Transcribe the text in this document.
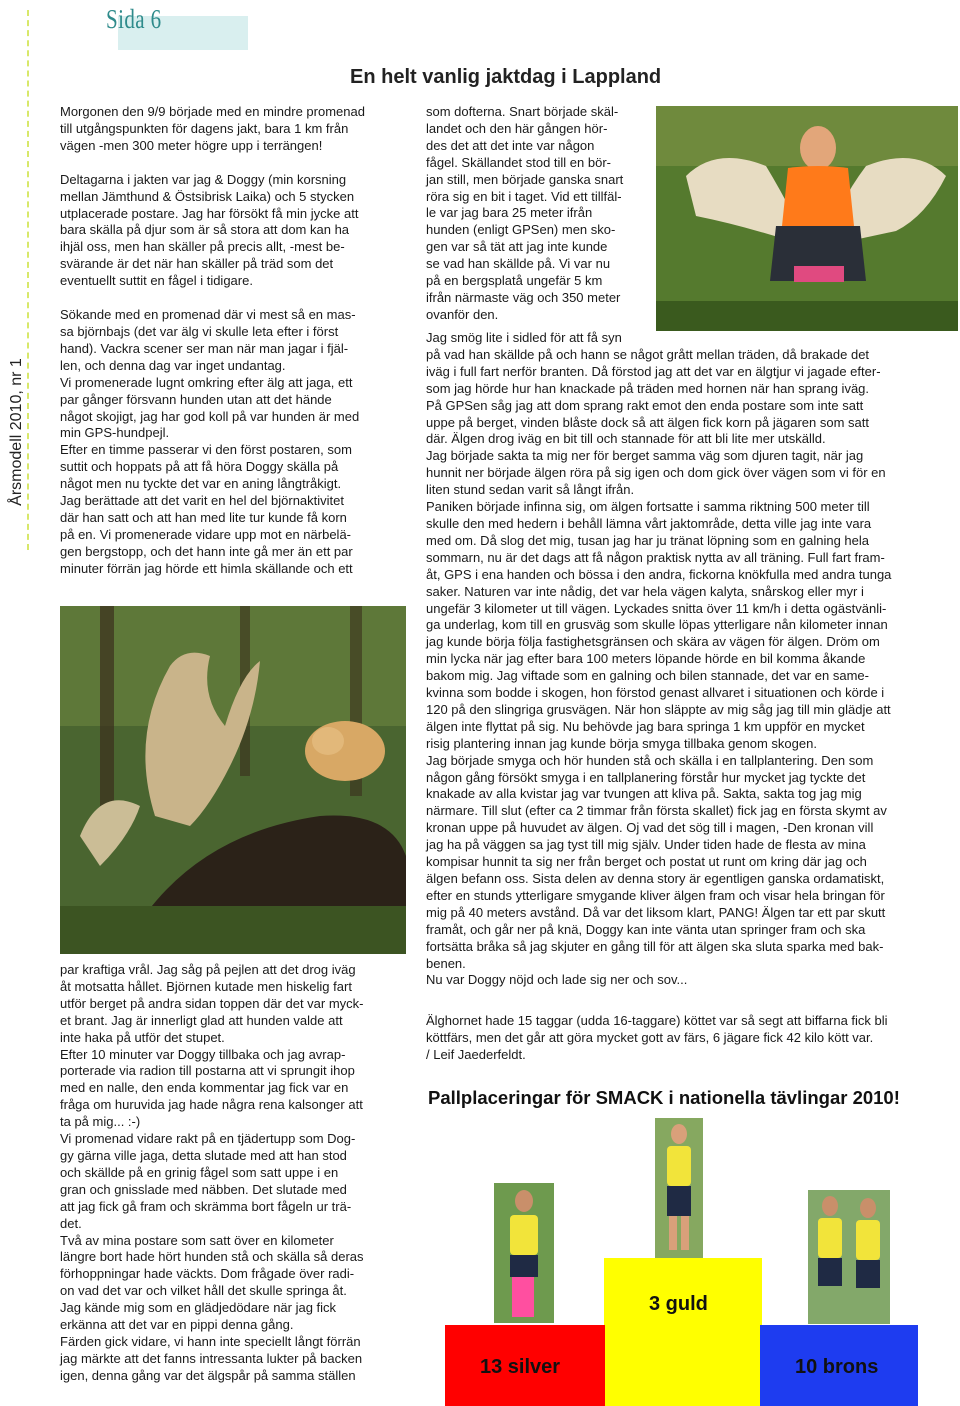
Sida 6
Årsmodell 2010, nr 1
En helt vanlig jaktdag i Lappland

Morgonen den 9/9 började med en mindre promenad
till utgångspunkten för dagens jakt, bara 1 km från
vägen -men 300 meter högre upp i terrängen!

Deltagarna i jakten var jag & Doggy (min korsning
mellan Jämthund & Östsibrisk Laika) och 5 stycken
utplacerade postare. Jag har försökt få min jycke att
bara skälla på djur som är så stora att dom kan ha
ihjäl oss, men han skäller på precis allt, -mest be-
svärande är det när han skäller på träd som det
eventuellt suttit en fågel i tidigare.

Sökande med en promenad där vi mest så en mas-
sa björnbajs (det var älg vi skulle leta efter i först
hand). Vackra scener ser man när man jagar i fjäl-
len, och denna dag var inget undantag.
Vi promenerade lugnt omkring efter älg att jaga, ett
par gånger försvann hunden utan att det hände
något skojigt, jag har god koll på var hunden är med
min GPS-hundpejl.
Efter en timme passerar vi den först postaren, som
suttit och hoppats på att få höra Doggy skälla på
något men nu tyckte det var en aning långtråkigt.
Jag berättade att det varit en hel del björnaktivitet
där han satt och att han med lite tur kunde få korn
på en. Vi promenerade vidare upp mot en närbelä-
gen bergstopp, och det hann inte gå mer än ett par
minuter förrän jag hörde ett himla skällande och ett

par kraftiga vrål. Jag såg på pejlen att det drog iväg
åt motsatta hållet. Björnen kutade men hiskelig fart
utför berget på andra sidan toppen där det var myck-
et brant. Jag är innerligt glad att hunden valde att
inte haka på utför det stupet.
Efter 10 minuter var Doggy tillbaka och jag avrap-
porterade via radion till postarna att vi sprungit ihop
med en nalle, den enda kommentar jag fick var en
fråga om huruvida jag hade några rena kalsonger att
ta på mig... :-)
Vi promenad vidare rakt på en tjädertupp som Dog-
gy gärna ville jaga, detta slutade med att han stod
och skällde på en grinig fågel som satt uppe i en
gran och gnisslade med näbben. Det slutade med
att jag fick gå fram och skrämma bort fågeln ur trä-
det.
Två av mina postare som satt över en kilometer
längre bort hade hört hunden stå och skälla så deras
förhoppningar hade väckts. Dom frågade över radi-
on vad det var och vilket håll det skulle springa åt.
Jag kände mig som en glädjedödare när jag fick
erkänna att det var en pippi denna gång.
Färden gick vidare, vi hann inte speciellt långt förrän
jag märkte att det fanns intressanta lukter på backen
igen, denna gång var det älgspår på samma ställen

som dofterna. Snart började skäl-
landet och den här gången hör-
des det att det inte var någon
fågel. Skällandet stod till en bör-
jan still, men började ganska snart
röra sig en bit i taget. Vid ett tillfäl-
le var jag bara 25 meter ifrån
hunden (enligt GPSen) men sko-
gen var så tät att jag inte kunde
se vad han skällde på. Vi var nu
på en bergsplatå ungefär 5 km
ifrån närmaste väg och 350 meter
ovanför den.

Jag smög lite i sidled för att få syn
på vad han skällde på och hann se något grått mellan träden, då brakade det
iväg i full fart nerför branten. Då förstod jag att det var en älgtjur vi jagade efter-
som jag hörde hur han knackade på träden med hornen när han sprang iväg.
På GPSen såg jag att dom sprang rakt emot den enda postare som inte satt
uppe på berget, vinden blåste dock så att älgen fick korn på jägaren som satt
där. Älgen drog iväg en bit till och stannade för att bli lite mer utskälld.
Jag började sakta ta mig ner för berget samma väg som djuren tagit, när jag
hunnit ner började älgen röra på sig igen och dom gick över vägen som vi för en
liten stund sedan varit så långt ifrån.
Paniken började infinna sig, om älgen fortsatte i samma riktning 500 meter till
skulle den med hedern i behåll lämna vårt jaktområde, detta ville jag inte vara
med om. Då slog det mig, tusan jag har ju tränat löpning som en galning hela
sommarn, nu är det dags att få någon praktisk nytta av all träning. Full fart fram-
åt, GPS i ena handen och bössa i den andra, fickorna knökfulla med andra tunga
saker. Naturen var inte nådig, det var hela vägen kalyta, snårskog eller myr i
ungefär 3 kilometer ut till vägen. Lyckades snitta över 11 km/h i detta ogästvänli-
ga underlag, kom till en grusväg som skulle löpas ytterligare nån kilometer innan
jag kunde börja följa fastighetsgränsen och skära av vägen för älgen. Dröm om
min lycka när jag efter bara 100 meters löpande hörde en bil komma åkande
bakom mig. Jag viftade som en galning och bilen stannade, det var en same-
kvinna som bodde i skogen, hon förstod genast allvaret i situationen och körde i
120 på den slingriga grusvägen. När hon släppte av mig såg jag till min glädje att
älgen inte flyttat på sig. Nu behövde jag bara springa 1 km uppför en mycket
risig plantering innan jag kunde börja smyga tillbaka genom skogen.
Jag började smyga och hör hunden stå och skälla i en tallplantering. Den som
någon gång försökt smyga i en tallplanering förstår hur mycket jag tyckte det
knakade av alla kvistar jag var tvungen att kliva på. Sakta, sakta tog jag mig
närmare. Till slut (efter ca 2 timmar från första skallet) fick jag en första skymt av
kronan uppe på huvudet av älgen. Oj vad det sög till i magen, -Den kronan vill
jag ha på väggen sa jag tyst till mig själv. Under tiden hade de flesta av mina
kompisar hunnit ta sig ner från berget och postat ut runt om kring där jag och
älgen befann oss. Sista delen av denna story är egentligen ganska ordamatiskt,
efter en stunds ytterligare smygande kliver älgen fram och visar hela bringan för
mig på 40 meters avstånd. Då var det liksom klart, PANG! Älgen tar ett par skutt
framåt, och går ner på knä, Doggy kan inte vänta utan springer fram och ska
fortsätta bråka så jag skjuter en gång till för att älgen ska sluta sparka med bak-
benen.
Nu var Doggy nöjd och lade sig ner och sov...

Älghornet hade 15 taggar (udda 16-taggare) köttet var så segt att biffarna fick bli
köttfärs, men det går att göra mycket gott av färs, 6 jägare fick 42 kilo kött var.
/ Leif Jaederfeldt.

Pallplaceringar för SMACK i nationella tävlingar 2010!
3 guld
13 silver	10 brons
